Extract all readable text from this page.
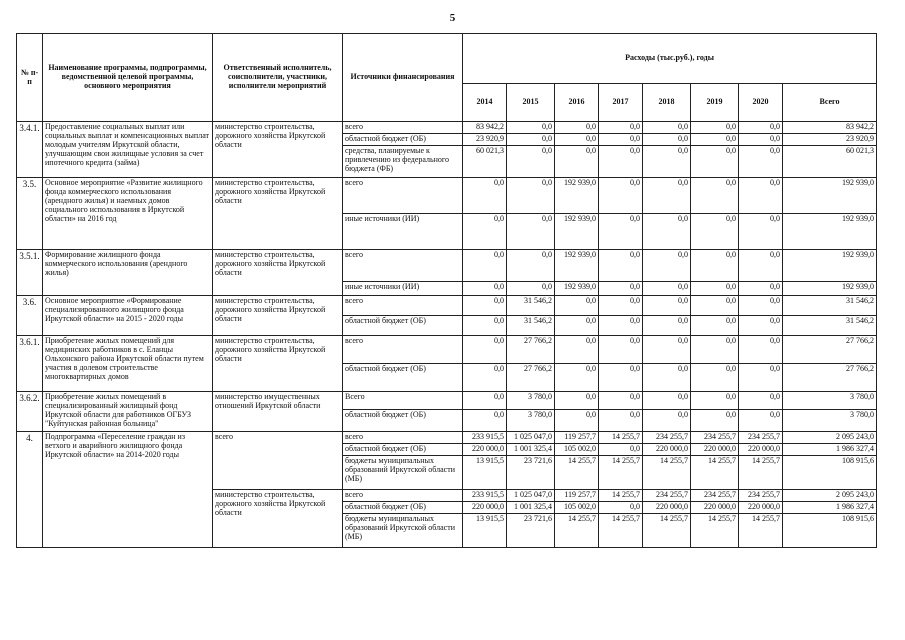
5
№ п-п	Наименование программы, подпрограммы, ведомственной целевой программы, основного мероприятия	Ответственный исполнитель, соисполнители, участники, исполнители мероприятий	Источники финансирования	Расходы (тыс.руб.), годы							
				2014	2015	2016	2017	2018	2019	2020	Всего
3.4.1.	Предоставление социальных выплат или социальных выплат и компенсационных выплат молодым учителям Иркутской области, улучшающим свои жилищные условия за счет ипотечного кредита (займа)	министерство строительства, дорожного хозяйства Иркутской области	всего	83 942,2	0,0	0,0	0,0	0,0	0,0	0,0	83 942,2
			областной бюджет (ОБ)	23 920,9	0,0	0,0	0,0	0,0	0,0	0,0	23 920,9
			средства, планируемые к привлечению из федерального бюджета (ФБ)	60 021,3	0,0	0,0	0,0	0,0	0,0	0,0	60 021,3
3.5.	Основное мероприятие «Развитие жилищного фонда коммерческого использования (арендного жилья) и наемных домов социального использования в Иркутской области» на 2016 год	министерство строительства, дорожного хозяйства Иркутской области	всего	0,0	0,0	192 939,0	0,0	0,0	0,0	0,0	192 939,0
			иные источники (ИИ)	0,0	0,0	192 939,0	0,0	0,0	0,0	0,0	192 939,0
3.5.1.	Формирование жилищного фонда коммерческого использования (арендного жилья)	министерство строительства, дорожного хозяйства Иркутской области	всего	0,0	0,0	192 939,0	0,0	0,0	0,0	0,0	192 939,0
			иные источники (ИИ)	0,0	0,0	192 939,0	0,0	0,0	0,0	0,0	192 939,0
3.6.	Основное мероприятие «Формирование специализированного жилищного фонда Иркутской области» на 2015 - 2020 годы	министерство строительства, дорожного хозяйства Иркутской области	всего	0,0	31 546,2	0,0	0,0	0,0	0,0	0,0	31 546,2
			областной бюджет (ОБ)	0,0	31 546,2	0,0	0,0	0,0	0,0	0,0	31 546,2
3.6.1.	Приобретение жилых помещений для медицинских работников в с. Еланцы Ольхонского района Иркутской области путем участия в долевом строительстве многоквартирных домов	министерство строительства, дорожного хозяйства Иркутской области	всего	0,0	27 766,2	0,0	0,0	0,0	0,0	0,0	27 766,2
			областной бюджет (ОБ)	0,0	27 766,2	0,0	0,0	0,0	0,0	0,0	27 766,2
3.6.2.	Приобретение жилых помещений в специализированный жилищный фонд Иркутской области для работников ОГБУЗ "Куйтунская районная больница"	министерство имущественных отношений Иркутской области	Всего	0,0	3 780,0	0,0	0,0	0,0	0,0	0,0	3 780,0
			областной бюджет (ОБ)	0,0	3 780,0	0,0	0,0	0,0	0,0	0,0	3 780,0
4.	Подпрограмма «Переселение граждан из ветхого и аварийного жилищного фонда Иркутской области» на 2014-2020 годы	всего	всего	233 915,5	1 025 047,0	119 257,7	14 255,7	234 255,7	234 255,7	234 255,7	2 095 243,0
			областной бюджет (ОБ)	220 000,0	1 001 325,4	105 002,0	0,0	220 000,0	220 000,0	220 000,0	1 986 327,4
			бюджеты муниципальных образований Иркутской области (МБ)	13 915,5	23 721,6	14 255,7	14 255,7	14 255,7	14 255,7	14 255,7	108 915,6
		министерство строительства, дорожного хозяйства Иркутской области	всего	233 915,5	1 025 047,0	119 257,7	14 255,7	234 255,7	234 255,7	234 255,7	2 095 243,0
			областной бюджет (ОБ)	220 000,0	1 001 325,4	105 002,0	0,0	220 000,0	220 000,0	220 000,0	1 986 327,4
			бюджеты муниципальных образований Иркутской области (МБ)	13 915,5	23 721,6	14 255,7	14 255,7	14 255,7	14 255,7	14 255,7	108 915,6
